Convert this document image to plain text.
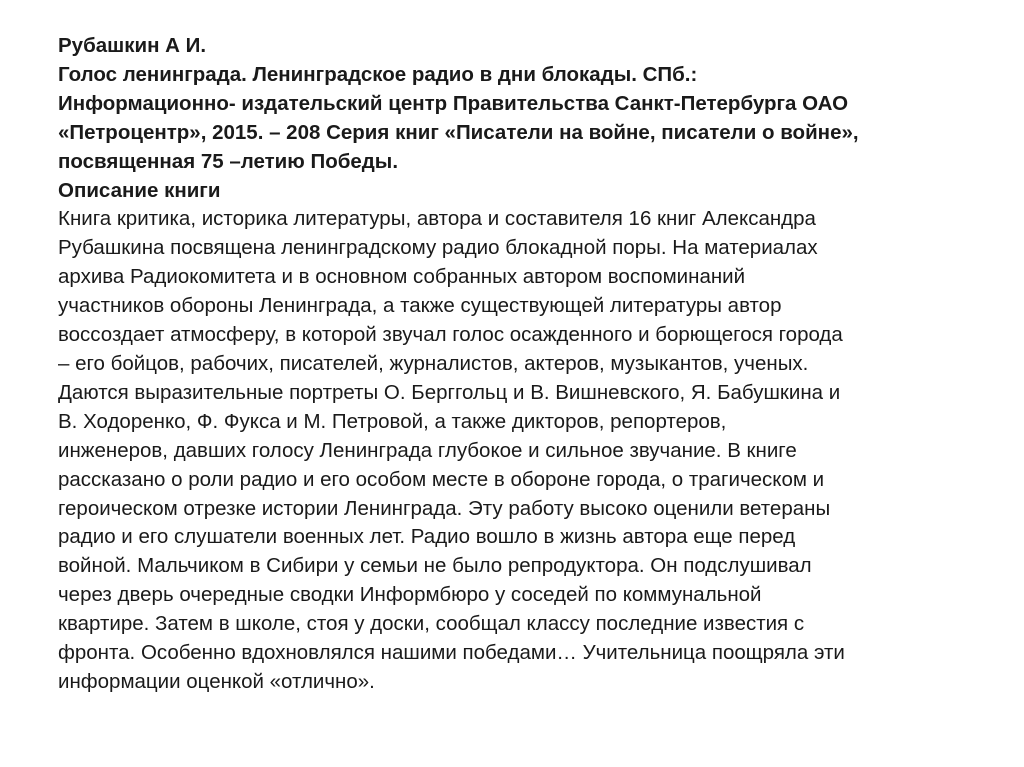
Рубашкин А И.
Голос ленинграда. Ленинградское радио в дни блокады. СПб.:
Информационно- издательский центр Правительства Санкт-Петербурга ОАО
«Петроцентр», 2015. – 208 Серия книг «Писатели на войне, писатели о войне»,
посвященная 75 –летию Победы.
Описание книги
Книга критика, историка литературы, автора и составителя 16 книг Александра
Рубашкина посвящена ленинградскому радио блокадной поры. На материалах
архива Радиокомитета и в основном собранных автором воспоминаний
участников обороны Ленинграда, а также существующей литературы автор
воссоздает атмосферу, в которой звучал голос осажденного и борющегося города
– его бойцов, рабочих, писателей, журналистов, актеров, музыкантов, ученых.
Даются выразительные портреты О. Берггольц и В. Вишневского, Я. Бабушкина и
В. Ходоренко, Ф. Фукса и М. Петровой, а также дикторов, репортеров,
инженеров, давших голосу Ленинграда глубокое и сильное звучание. В книге
рассказано о роли радио и его особом месте в обороне города, о трагическом и
героическом отрезке истории Ленинграда. Эту работу высоко оценили ветераны
радио и его слушатели военных лет. Радио вошло в жизнь автора еще перед
войной. Мальчиком в Сибири у семьи не было репродуктора. Он подслушивал
через дверь очередные сводки Информбюро у соседей по коммунальной
квартире. Затем в школе, стоя у доски, сообщал классу последние известия с
фронта. Особенно вдохновлялся нашими победами… Учительница поощряла эти
информации оценкой «отлично».
